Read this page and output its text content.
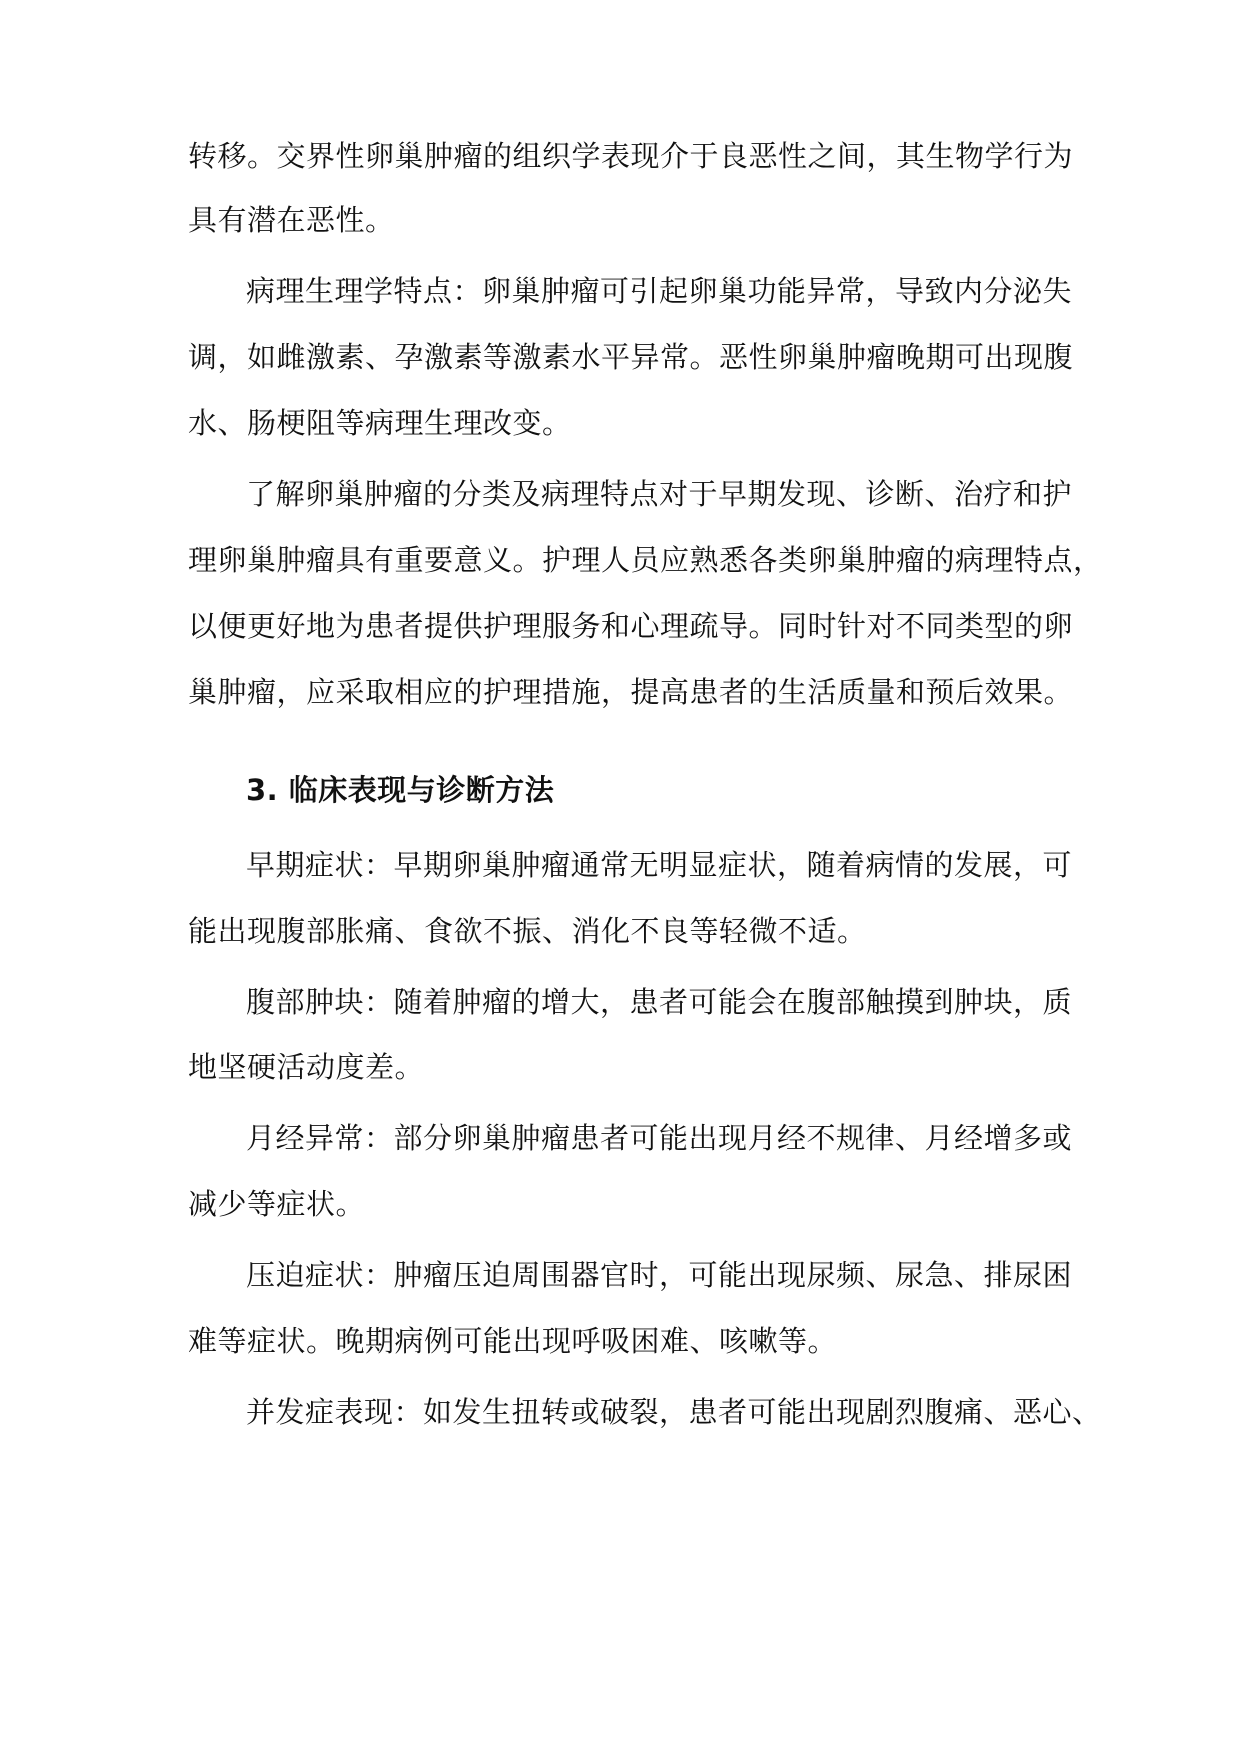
转移。交界性卵巢肿瘤的组织学表现介于良恶性之间，其生物学行为
具有潜在恶性。
病理生理学特点：卵巢肿瘤可引起卵巢功能异常，导致内分泌失
调，如雌激素、孕激素等激素水平异常。恶性卵巢肿瘤晚期可出现腹
水、肠梗阻等病理生理改变。
了解卵巢肿瘤的分类及病理特点对于早期发现、诊断、治疗和护
理卵巢肿瘤具有重要意义。护理人员应熟悉各类卵巢肿瘤的病理特点，
以便更好地为患者提供护理服务和心理疏导。同时针对不同类型的卵
巢肿瘤，应采取相应的护理措施，提高患者的生活质量和预后效果。
3. 临床表现与诊断方法
早期症状：早期卵巢肿瘤通常无明显症状，随着病情的发展，可
能出现腹部胀痛、食欲不振、消化不良等轻微不适。
腹部肿块：随着肿瘤的增大，患者可能会在腹部触摸到肿块，质
地坚硬活动度差。
月经异常：部分卵巢肿瘤患者可能出现月经不规律、月经增多或
减少等症状。
压迫症状：肿瘤压迫周围器官时，可能出现尿频、尿急、排尿困
难等症状。晚期病例可能出现呼吸困难、咳嗽等。
并发症表现：如发生扭转或破裂，患者可能出现剧烈腹痛、恶心、
